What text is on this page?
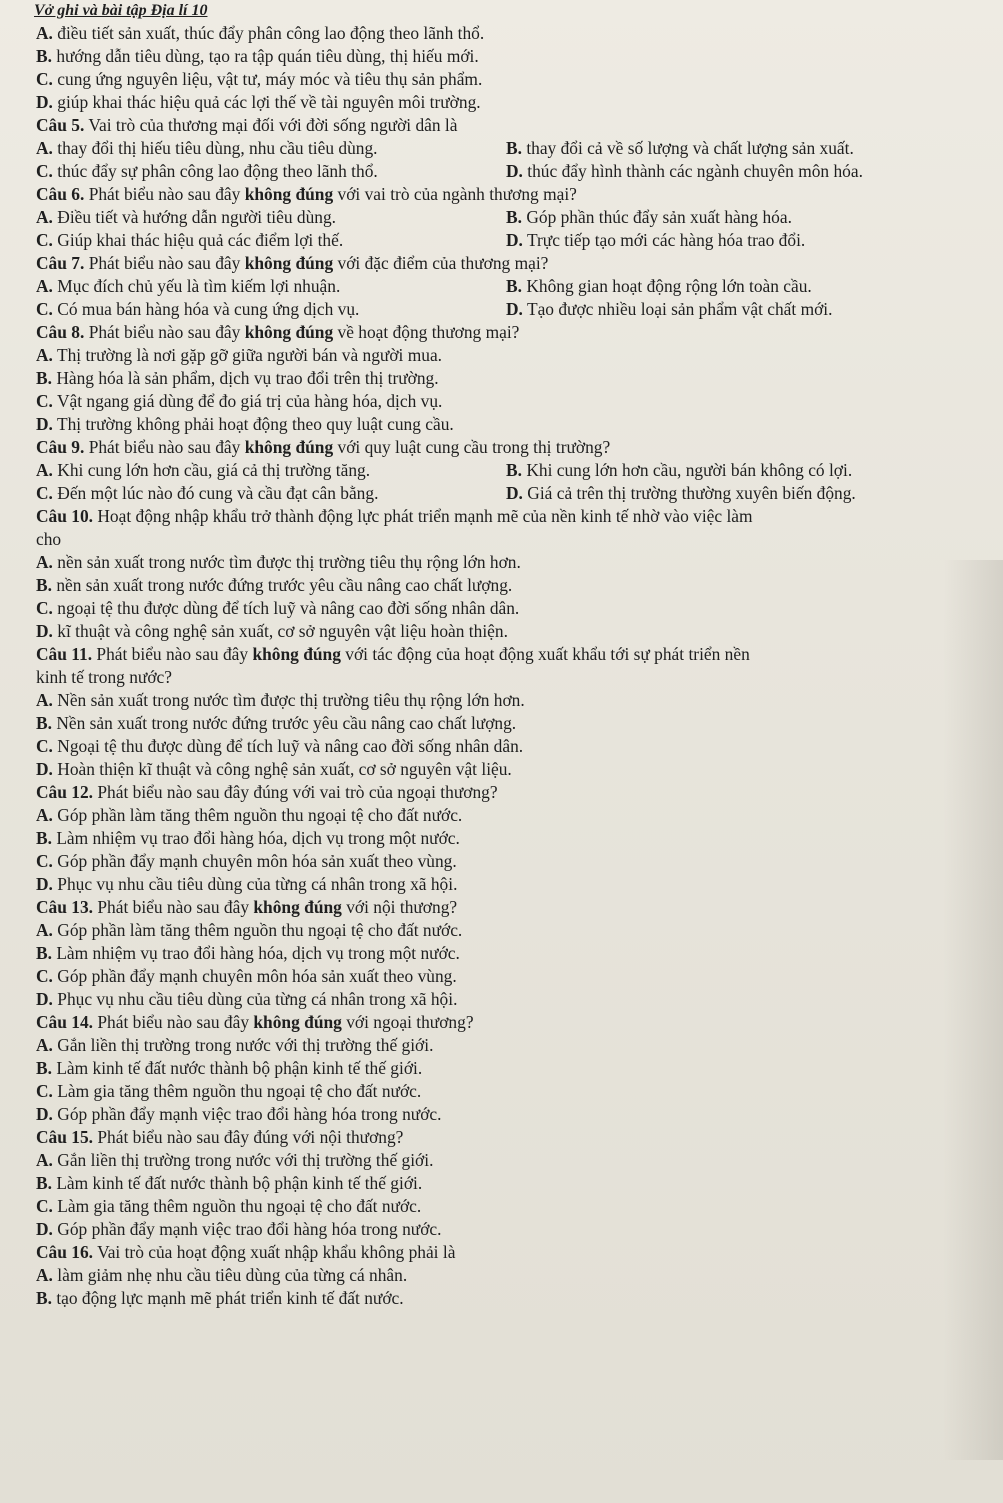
Vở ghi và bài tập Địa lí 10
A. điều tiết sản xuất, thúc đẩy phân công lao động theo lãnh thổ.
B. hướng dẫn tiêu dùng, tạo ra tập quán tiêu dùng, thị hiếu mới.
C. cung ứng nguyên liệu, vật tư, máy móc và tiêu thụ sản phẩm.
D. giúp khai thác hiệu quả các lợi thế về tài nguyên môi trường.
Câu 5. Vai trò của thương mại đối với đời sống người dân là
A. thay đổi thị hiếu tiêu dùng, nhu cầu tiêu dùng.	B. thay đổi cả về số lượng và chất lượng sản xuất.
C. thúc đẩy sự phân công lao động theo lãnh thổ.	D. thúc đẩy hình thành các ngành chuyên môn hóa.
Câu 6. Phát biểu nào sau đây không đúng với vai trò của ngành thương mại?
A. Điều tiết và hướng dẫn người tiêu dùng.	B. Góp phần thúc đẩy sản xuất hàng hóa.
C. Giúp khai thác hiệu quả các điểm lợi thế.	D. Trực tiếp tạo mới các hàng hóa trao đổi.
Câu 7. Phát biểu nào sau đây không đúng với đặc điểm của thương mại?
A. Mục đích chủ yếu là tìm kiếm lợi nhuận.	B. Không gian hoạt động rộng lớn toàn cầu.
C. Có mua bán hàng hóa và cung ứng dịch vụ.	D. Tạo được nhiều loại sản phẩm vật chất mới.
Câu 8. Phát biểu nào sau đây không đúng về hoạt động thương mại?
A. Thị trường là nơi gặp gỡ giữa người bán và người mua.
B. Hàng hóa là sản phẩm, dịch vụ trao đổi trên thị trường.
C. Vật ngang giá dùng để đo giá trị của hàng hóa, dịch vụ.
D. Thị trường không phải hoạt động theo quy luật cung cầu.
Câu 9. Phát biểu nào sau đây không đúng với quy luật cung cầu trong thị trường?
A. Khi cung lớn hơn cầu, giá cả thị trường tăng.	B. Khi cung lớn hơn cầu, người bán không có lợi.
C. Đến một lúc nào đó cung và cầu đạt cân bằng.	D. Giá cả trên thị trường thường xuyên biến động.
Câu 10. Hoạt động nhập khẩu trở thành động lực phát triển mạnh mẽ của nền kinh tế nhờ vào việc làm
cho
A. nền sản xuất trong nước tìm được thị trường tiêu thụ rộng lớn hơn.
B. nền sản xuất trong nước đứng trước yêu cầu nâng cao chất lượng.
C. ngoại tệ thu được dùng để tích luỹ và nâng cao đời sống nhân dân.
D. kĩ thuật và công nghệ sản xuất, cơ sở nguyên vật liệu hoàn thiện.
Câu 11. Phát biểu nào sau đây không đúng với tác động của hoạt động xuất khẩu tới sự phát triển nền
kinh tế trong nước?
A. Nền sản xuất trong nước tìm được thị trường tiêu thụ rộng lớn hơn.
B. Nền sản xuất trong nước đứng trước yêu cầu nâng cao chất lượng.
C. Ngoại tệ thu được dùng để tích luỹ và nâng cao đời sống nhân dân.
D. Hoàn thiện kĩ thuật và công nghệ sản xuất, cơ sở nguyên vật liệu.
Câu 12. Phát biểu nào sau đây đúng với vai trò của ngoại thương?
A. Góp phần làm tăng thêm nguồn thu ngoại tệ cho đất nước.
B. Làm nhiệm vụ trao đổi hàng hóa, dịch vụ trong một nước.
C. Góp phần đẩy mạnh chuyên môn hóa sản xuất theo vùng.
D. Phục vụ nhu cầu tiêu dùng của từng cá nhân trong xã hội.
Câu 13. Phát biểu nào sau đây không đúng với nội thương?
A. Góp phần làm tăng thêm nguồn thu ngoại tệ cho đất nước.
B. Làm nhiệm vụ trao đổi hàng hóa, dịch vụ trong một nước.
C. Góp phần đẩy mạnh chuyên môn hóa sản xuất theo vùng.
D. Phục vụ nhu cầu tiêu dùng của từng cá nhân trong xã hội.
Câu 14. Phát biểu nào sau đây không đúng với ngoại thương?
A. Gắn liền thị trường trong nước với thị trường thế giới.
B. Làm kinh tế đất nước thành bộ phận kinh tế thế giới.
C. Làm gia tăng thêm nguồn thu ngoại tệ cho đất nước.
D. Góp phần đẩy mạnh việc trao đổi hàng hóa trong nước.
Câu 15. Phát biểu nào sau đây đúng với nội thương?
A. Gắn liền thị trường trong nước với thị trường thế giới.
B. Làm kinh tế đất nước thành bộ phận kinh tế thế giới.
C. Làm gia tăng thêm nguồn thu ngoại tệ cho đất nước.
D. Góp phần đẩy mạnh việc trao đổi hàng hóa trong nước.
Câu 16. Vai trò của hoạt động xuất nhập khẩu không phải là
A. làm giảm nhẹ nhu cầu tiêu dùng của từng cá nhân.
B. tạo động lực mạnh mẽ phát triển kinh tế đất nước.
